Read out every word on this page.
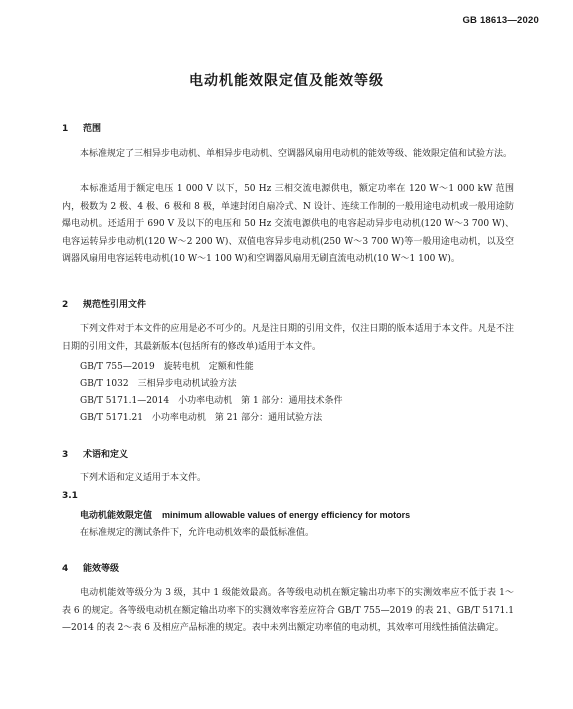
GB 18613—2020
电动机能效限定值及能效等级
1 范围
本标准规定了三相异步电动机、单相异步电动机、空调器风扇用电动机的能效等级、能效限定值和试验方法。
本标准适用于额定电压 1 000 V 以下，50 Hz 三相交流电源供电，额定功率在 120 W～1 000 kW 范围内，极数为 2 极、4 极、6 极和 8 极，单速封闭自扇冷式、N 设计、连续工作制的一般用途电动机或一般用途防爆电动机。还适用于 690 V 及以下的电压和 50 Hz 交流电源供电的电容起动异步电动机(120 W～3 700 W)、电容运转异步电动机(120 W～2 200 W)、双值电容异步电动机(250 W～3 700 W)等一般用途电动机，以及空调器风扇用电容运转电动机(10 W～1 100 W)和空调器风扇用无刷直流电动机(10 W～1 100 W)。
2 规范性引用文件
下列文件对于本文件的应用是必不可少的。凡是注日期的引用文件，仅注日期的版本适用于本文件。凡是不注日期的引用文件，其最新版本(包括所有的修改单)适用于本文件。
GB/T 755—2019　旋转电机　定额和性能
GB/T 1032　三相异步电动机试验方法
GB/T 5171.1—2014　小功率电动机　第 1 部分：通用技术条件
GB/T 5171.21　小功率电动机　第 21 部分：通用试验方法
3 术语和定义
下列术语和定义适用于本文件。
3.1
电动机能效限定值 minimum allowable values of energy efficiency for motors
在标准规定的测试条件下，允许电动机效率的最低标准值。
4 能效等级
电动机能效等级分为 3 级，其中 1 级能效最高。各等级电动机在额定输出功率下的实测效率应不低于表 1～表 6 的规定。各等级电动机在额定输出功率下的实测效率容差应符合 GB/T 755—2019 的表 21、GB/T 5171.1—2014 的表 2～表 6 及相应产品标准的规定。表中未列出额定功率值的电动机，其效率可用线性插值法确定。
